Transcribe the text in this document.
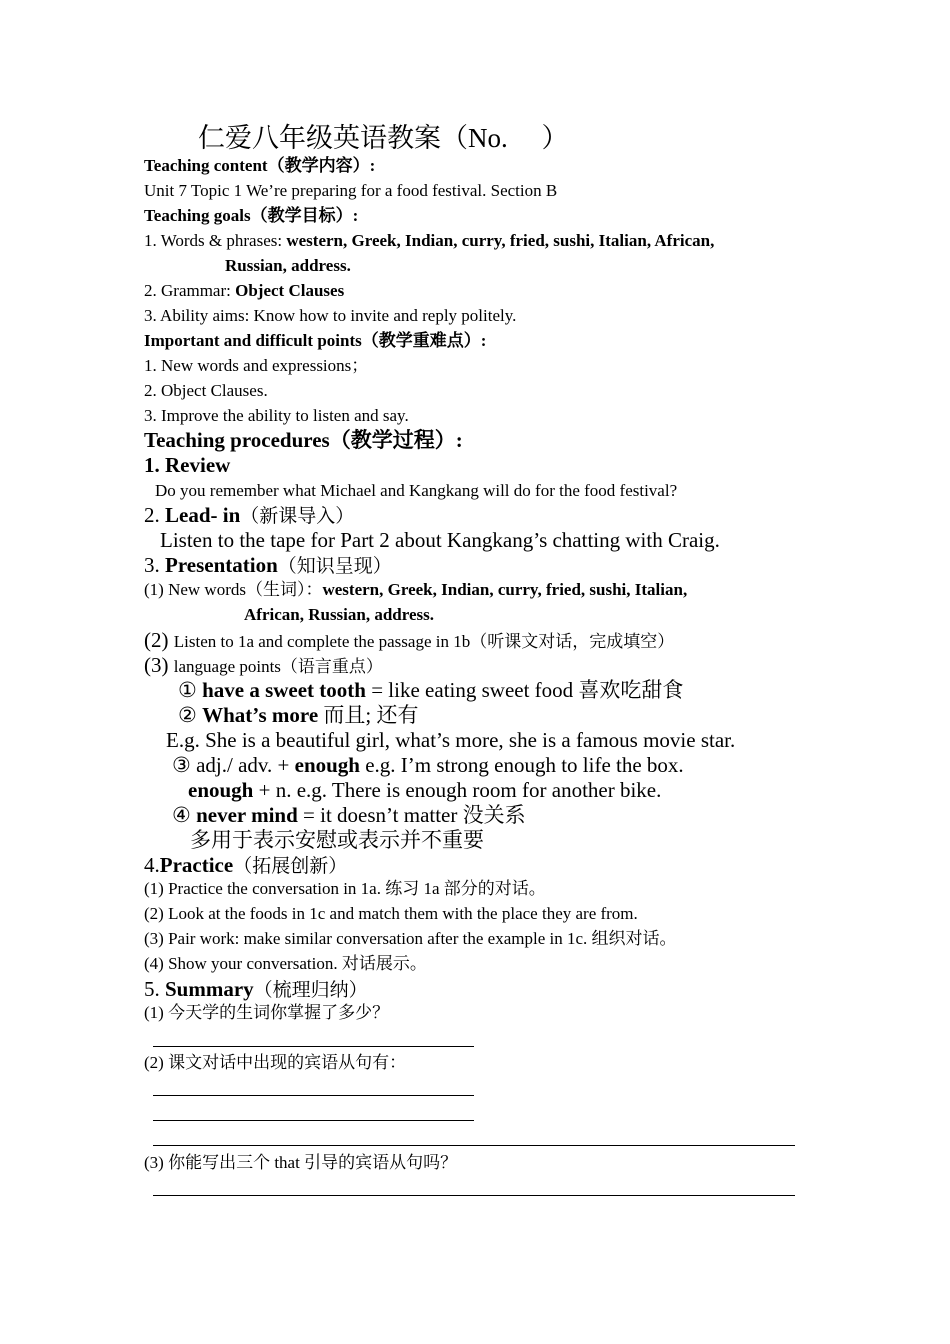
仁爱八年级英语教案（No.　 ）
Teaching content（教学内容）:
Unit 7 Topic 1 We’re preparing for a food festival. Section B
Teaching goals（教学目标）:
1. Words & phrases: western, Greek, Indian, curry, fried, sushi, Italian, African,
Russian, address.
2. Grammar: Object Clauses
3. Ability aims: Know how to invite and reply politely.
Important and difficult points（教学重难点）:
1. New words and expressions；
2. Object Clauses.
3. Improve the ability to listen and say.
Teaching procedures（教学过程）:
1. Review
Do you remember what Michael and Kangkang will do for the food festival?
2. Lead- in（新课导入）
Listen to the tape for Part 2 about Kangkang’s chatting with Craig.
3. Presentation（知识呈现）
(1) New words（生词）：western, Greek, Indian, curry, fried, sushi, Italian,
African, Russian, address.
(2) Listen to 1a and complete the passage in 1b（听课文对话，完成填空）
(3) language points（语言重点）
① have a sweet tooth = like eating sweet food 喜欢吃甜食
② What’s more 而且; 还有
E.g. She is a beautiful girl, what’s more, she is a famous movie star.
③ adj./ adv. + enough e.g. I’m strong enough to life the box.
enough + n. e.g. There is enough room for another bike.
④ never mind = it doesn’t matter 没关系
多用于表示安慰或表示并不重要
4.Practice（拓展创新）
(1) Practice the conversation in 1a. 练习 1a 部分的对话。
(2) Look at the foods in 1c and match them with the place they are from.
(3) Pair work: make similar conversation after the example in 1c. 组织对话。
(4) Show your conversation. 对话展示。
5. Summary（梳理归纳）
(1) 今天学的生词你掌握了多少？
(2) 课文对话中出现的宾语从句有：
(3) 你能写出三个 that 引导的宾语从句吗？
